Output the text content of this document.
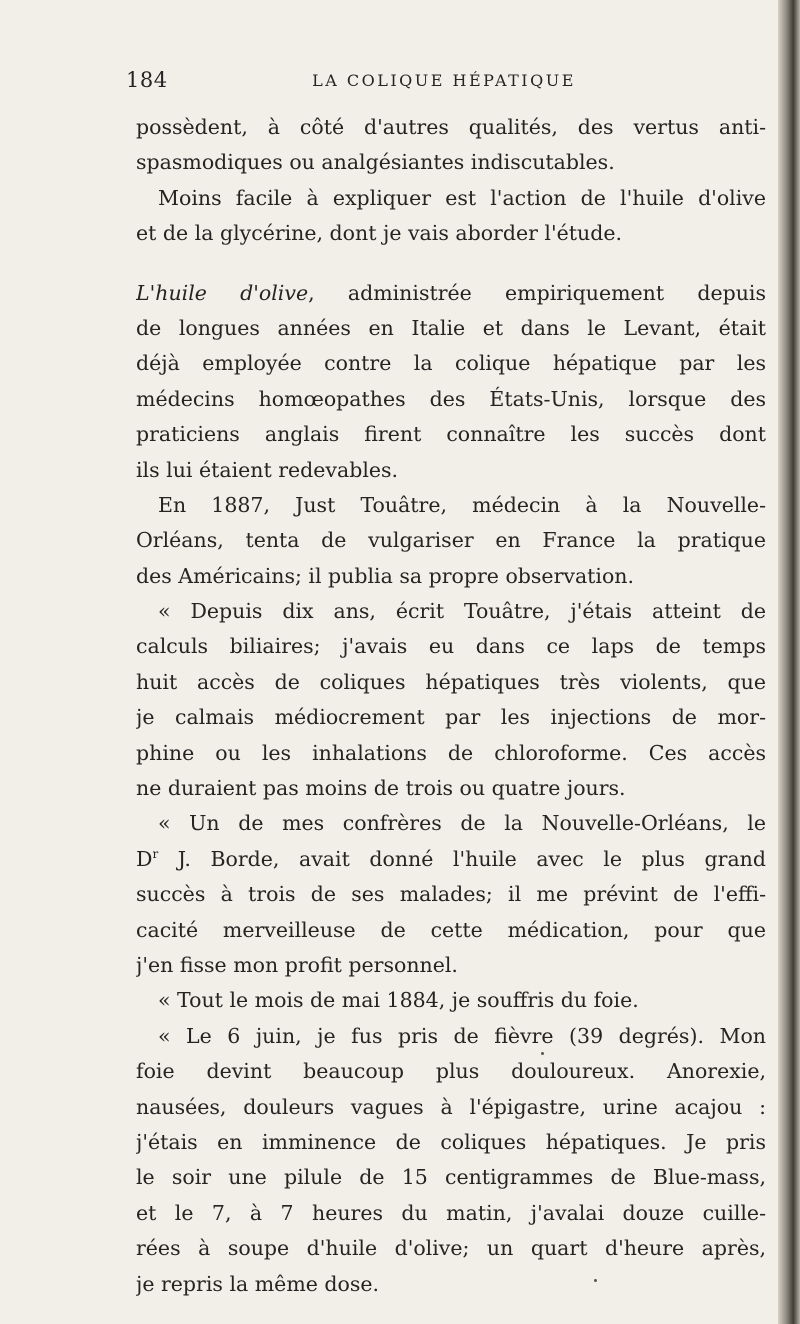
184	LA COLIQUE HÉPATIQUE
possèdent, à côté d'autres qualités, des vertus anti-
spasmodiques ou analgésiantes indiscutables.
Moins facile à expliquer est l'action de l'huile d'olive
et de la glycérine, dont je vais aborder l'étude.
L'huile d'olive, administrée empiriquement depuis
de longues années en Italie et dans le Levant, était
déjà employée contre la colique hépatique par les
médecins homœopathes des États-Unis, lorsque des
praticiens anglais firent connaître les succès dont
ils lui étaient redevables.
En 1887, Just Touâtre, médecin à la Nouvelle-
Orléans, tenta de vulgariser en France la pratique
des Américains; il publia sa propre observation.
« Depuis dix ans, écrit Touâtre, j'étais atteint de
calculs biliaires; j'avais eu dans ce laps de temps
huit accès de coliques hépatiques très violents, que
je calmais médiocrement par les injections de mor-
phine ou les inhalations de chloroforme. Ces accès
ne duraient pas moins de trois ou quatre jours.
« Un de mes confrères de la Nouvelle-Orléans, le
$D^r$ J. Borde, avait donné l'huile avec le plus grand
succès à trois de ses malades; il me prévint de l'effi-
cacité merveilleuse de cette médication, pour que
j'en fisse mon profit personnel.
« Tout le mois de mai 1884, je souffris du foie.
« Le 6 juin, je fus pris de fièvre (39 degrés). Mon
foie devint beaucoup plus douloureux. Anorexie,
nausées, douleurs vagues à l'épigastre, urine acajou :
j'étais en imminence de coliques hépatiques. Je pris
le soir une pilule de 15 centigrammes de Blue-mass,
et le 7, à 7 heures du matin, j'avalai douze cuille-
rées à soupe d'huile d'olive; un quart d'heure après,
je repris la même dose.
